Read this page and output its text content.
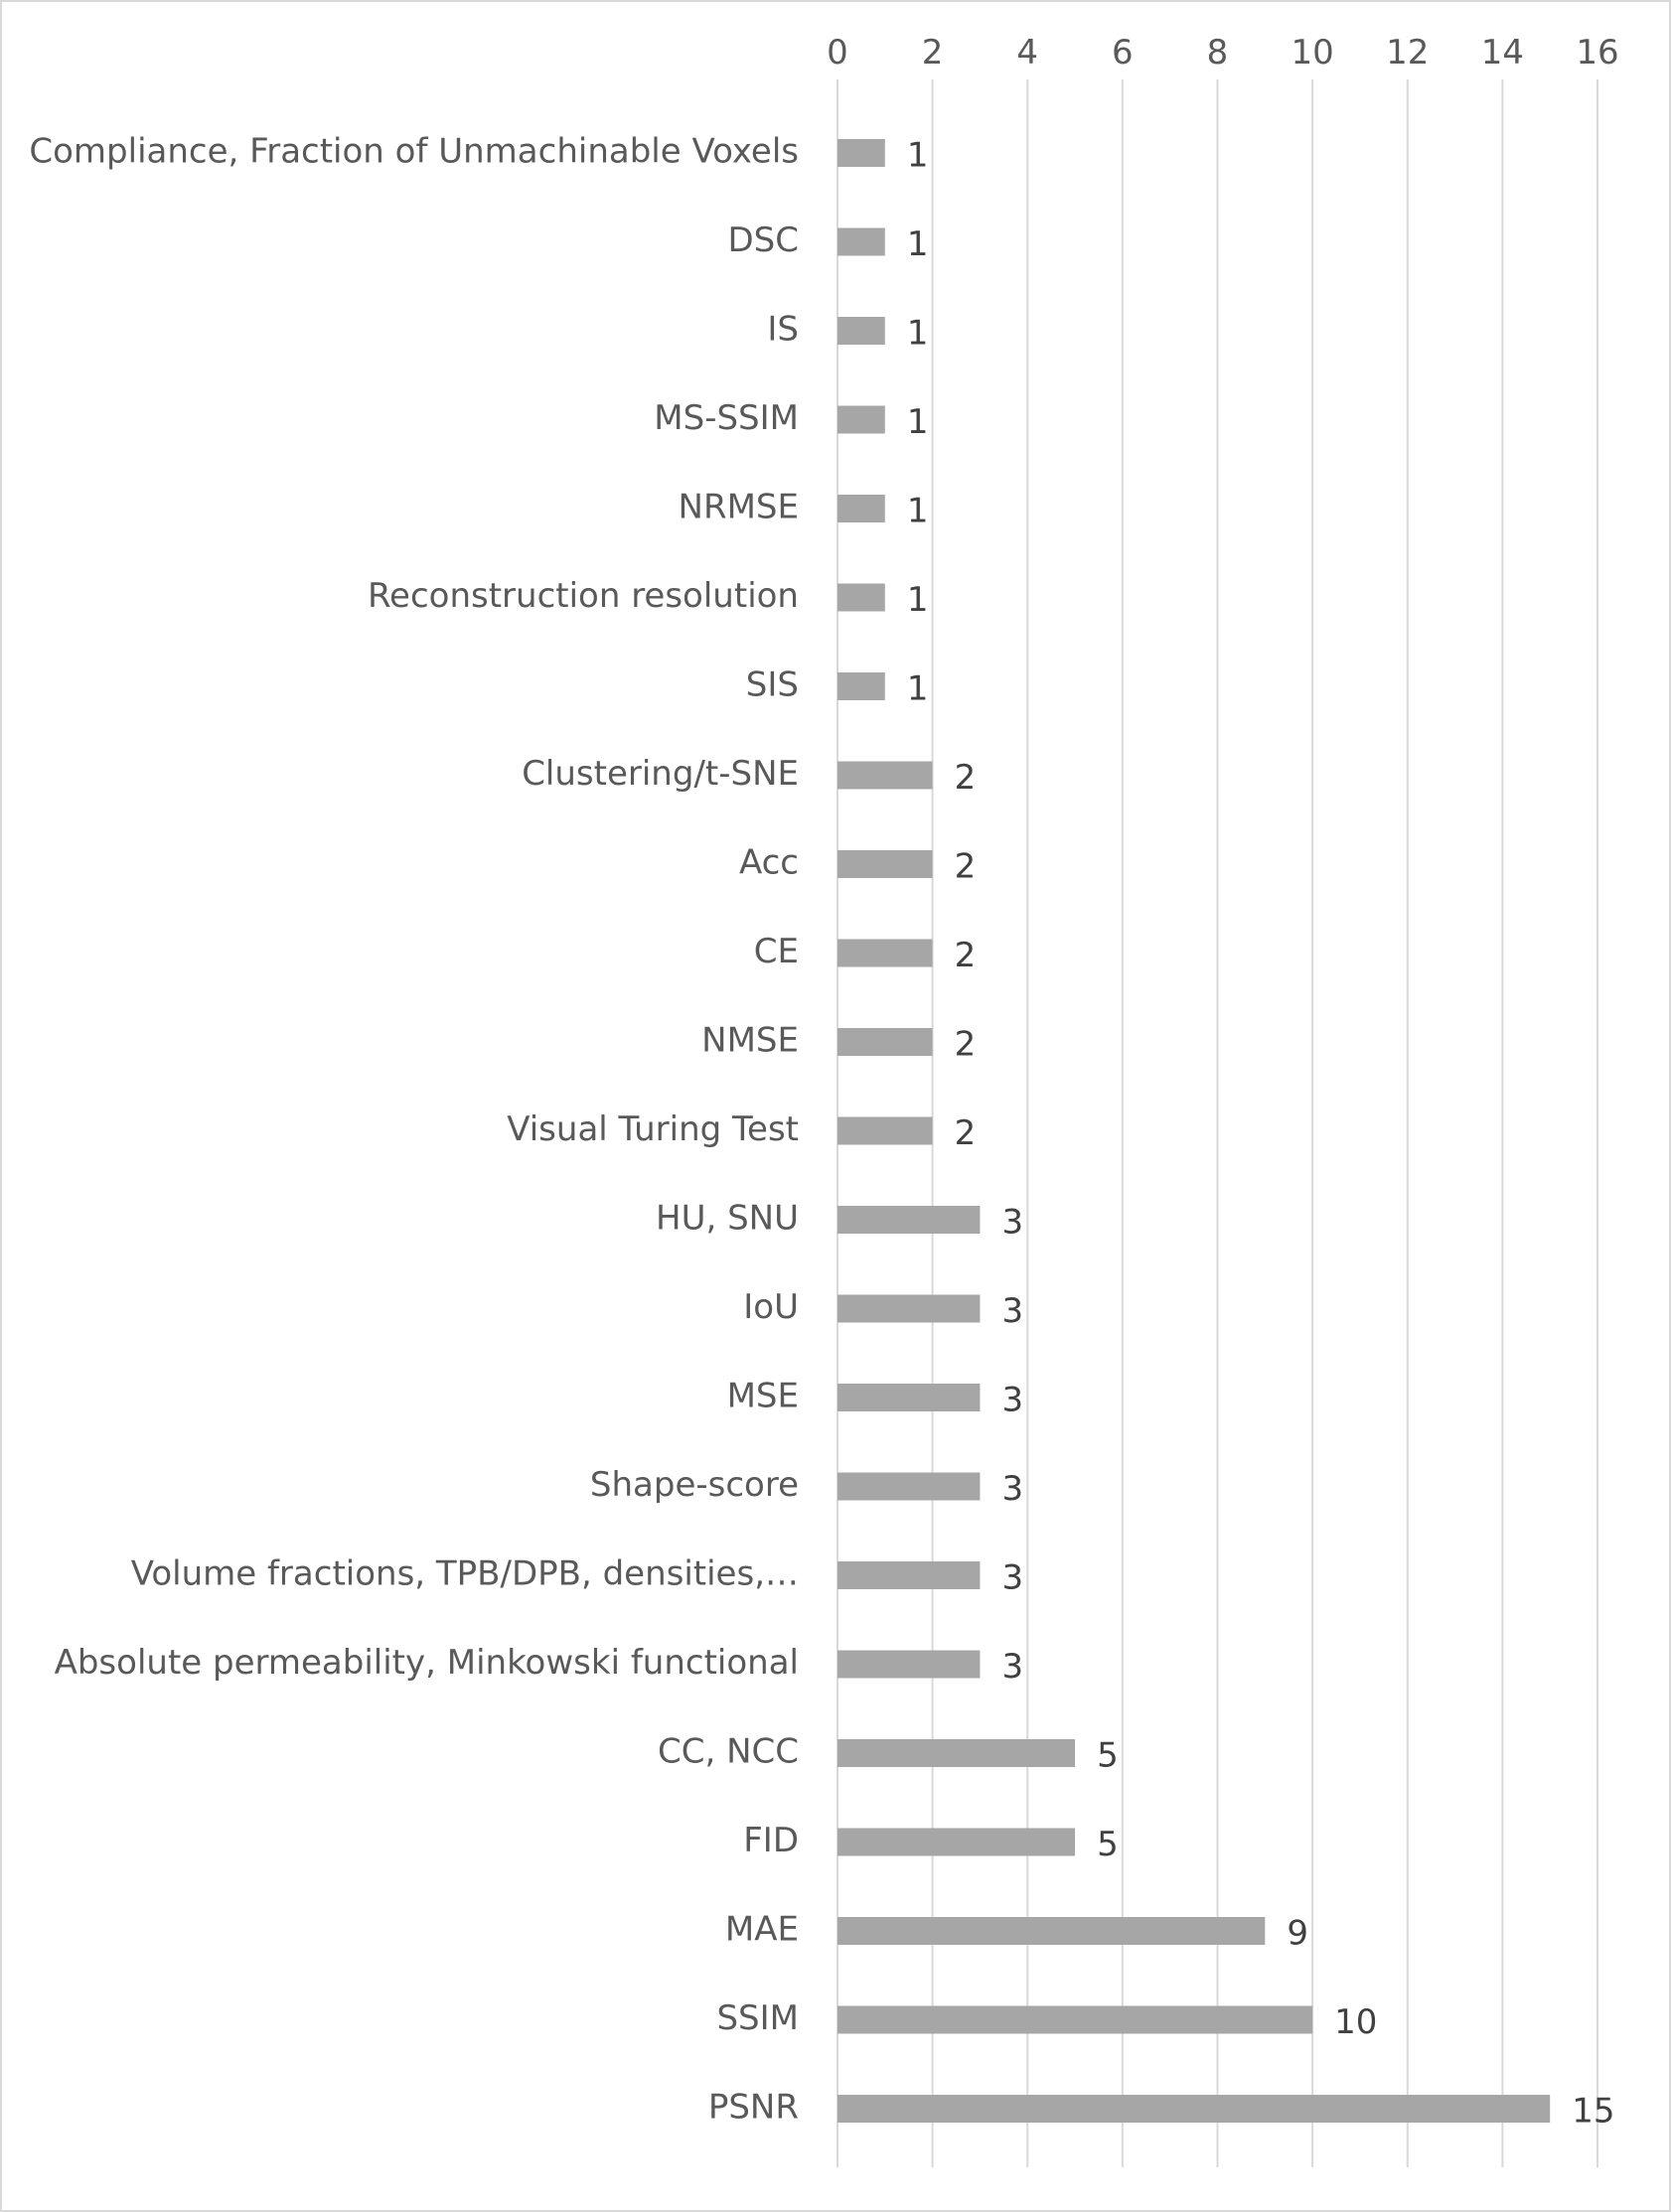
0 2 4 6 8 10 12 14 16
Compliance, Fraction of Unmachinable Voxels
DSC
IS
MS-SSIM
NRMSE
Reconstruction resolution
SIS
Clustering/t-SNE
Acc
CE
NMSE
Visual Turing Test
HU, SNU
IoU
MSE
Shape-score
Volume fractions, TPB/DPB, densities,…
Absolute permeability, Minkowski functional
CC, NCC
FID
MAE
SSIM
PSNR
1
1
1
1
1
1
1
2
2
2
2
2
3
3
3
3
3
3
5
5
9
10
15
